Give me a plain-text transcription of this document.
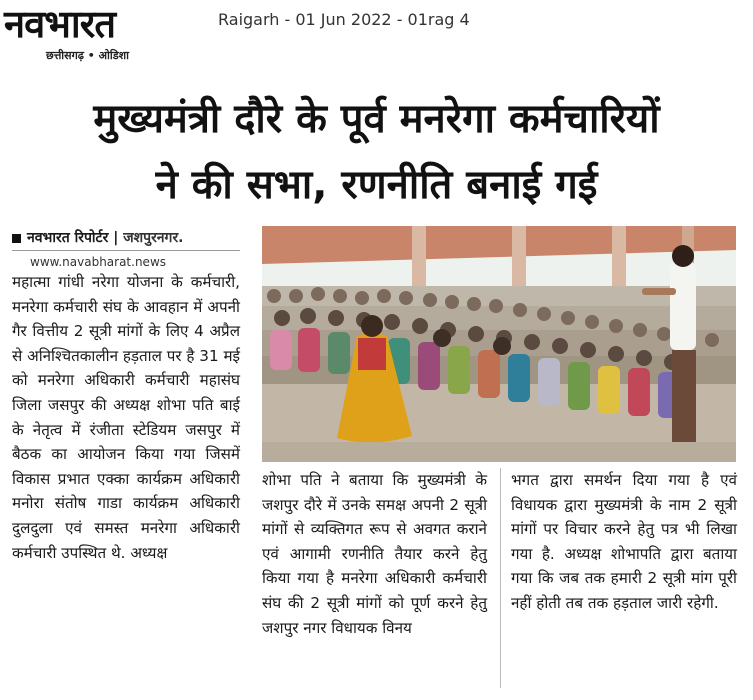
नवभारत
छत्तीसगढ़ • ओडिशा
Raigarh - 01 Jun 2022 - 01rag 4
मुख्यमंत्री दौरे के पूर्व मनरेगा कर्मचारियों
ने की सभा, रणनीति बनाई गई
नवभारत रिपोर्टर | जशपुरनगर.
www.navabharat.news
महात्मा गांधी नरेगा योजना के कर्मचारी, मनरेगा कर्मचारी संघ के आवहान में अपनी गैर वित्तीय 2 सूत्री मांगों के लिए 4 अप्रैल से अनिश्चितकालीन हड़ताल पर है 31 मई को मनरेगा अधिकारी कर्मचारी महासंघ जिला जसपुर की अध्यक्ष शोभा पति बाई के नेतृत्व में रंजीता स्टेडियम जसपुर में बैठक का आयोजन किया गया जिसमें विकास प्रभात एक्का कार्यक्रम अधिकारी मनोरा संतोष गाडा कार्यक्रम अधिकारी दुलदुला एवं समस्त मनरेगा अधिकारी कर्मचारी उपस्थित थे. अध्यक्ष
शोभा पति ने बताया कि मुख्यमंत्री के जशपुर दौरे में उनके समक्ष अपनी 2 सूत्री मांगों से व्यक्तिगत रूप से अवगत कराने एवं आगामी रणनीति तैयार करने हेतु किया गया है मनरेगा अधिकारी कर्मचारी संघ की 2 सूत्री मांगों को पूर्ण करने हेतु जशपुर नगर विधायक विनय
भगत द्वारा समर्थन दिया गया है एवं विधायक द्वारा मुख्यमंत्री के नाम 2 सूत्री मांगों पर विचार करने हेतु पत्र भी लिखा गया है. अध्यक्ष शोभापति द्वारा बताया गया कि जब तक हमारी 2 सूत्री मांग पूरी नहीं होती तब तक हड़ताल जारी रहेगी.
